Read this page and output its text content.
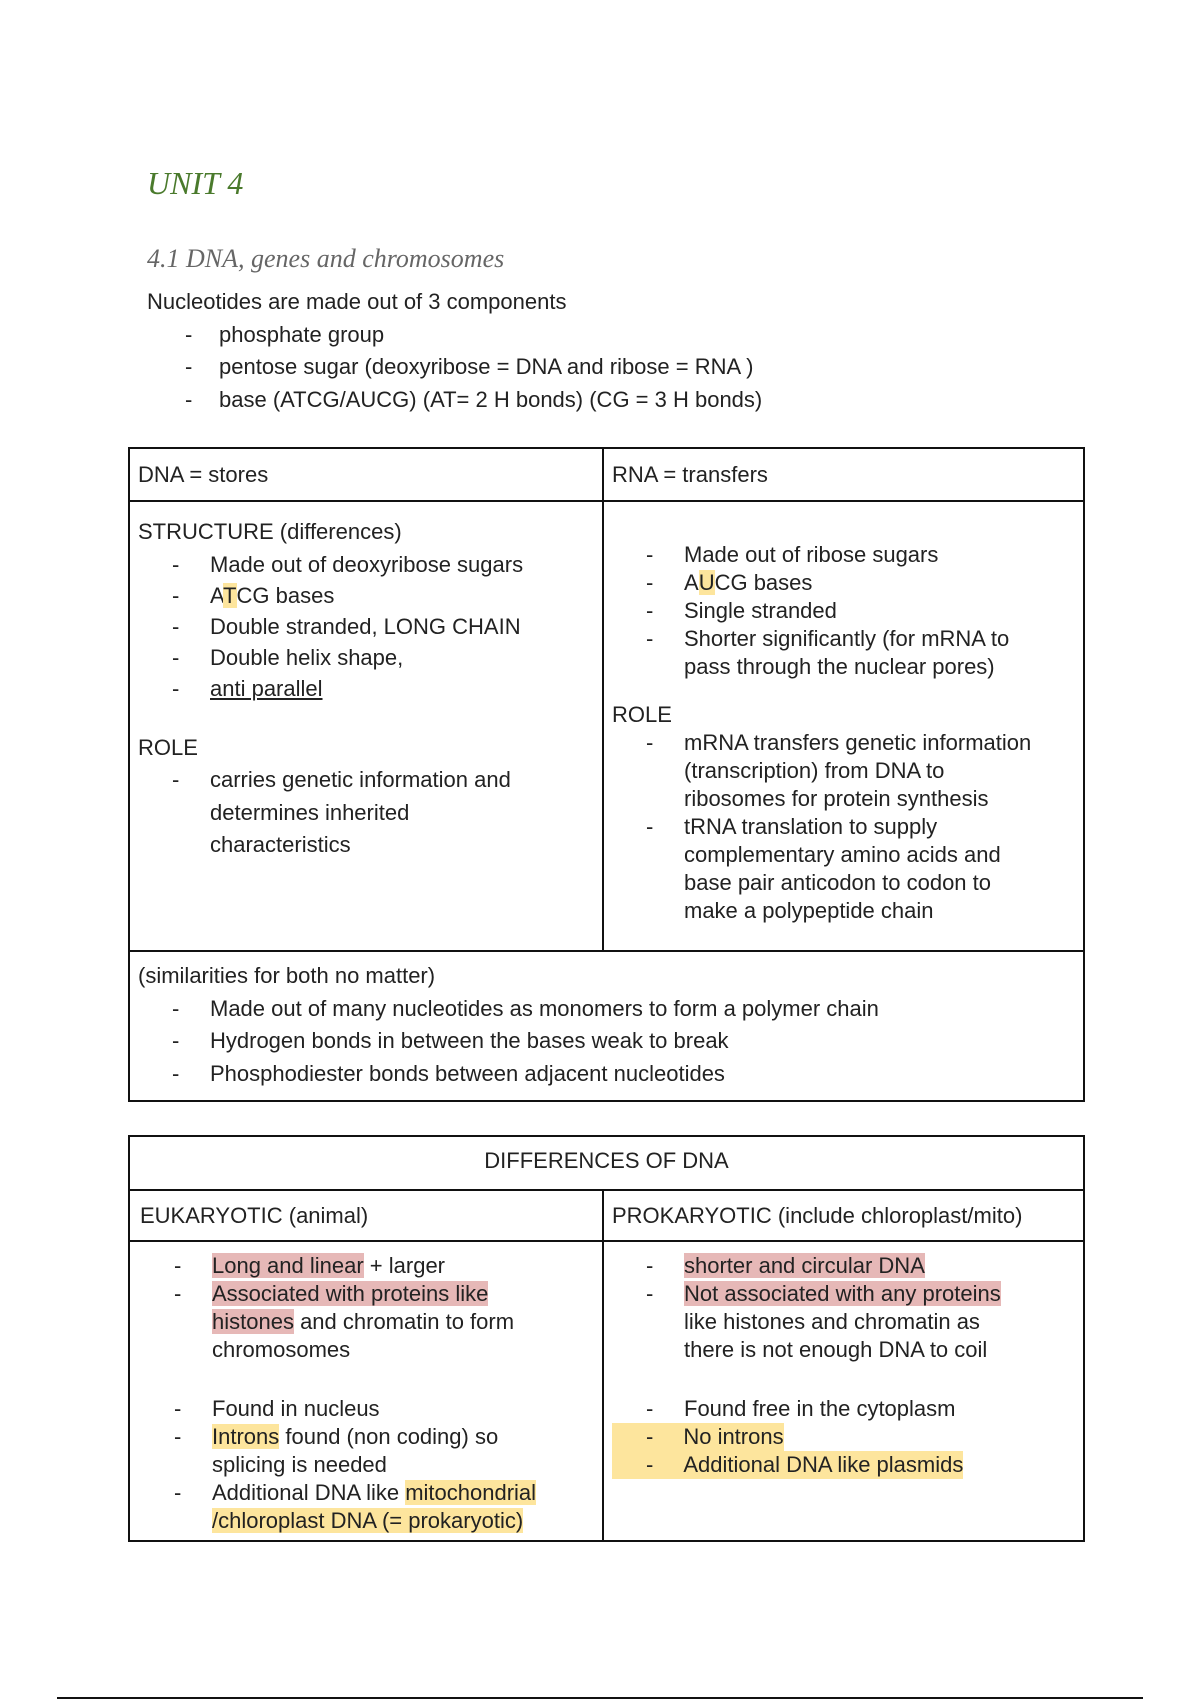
UNIT 4
4.1 DNA, genes and chromosomes
Nucleotides are made out of 3 components
- phosphate group
- pentose sugar (deoxyribose = DNA and ribose = RNA )
- base (ATCG/AUCG) (AT= 2 H bonds) (CG = 3 H bonds)
DNA = stores	RNA = transfers
STRUCTURE (differences)
- Made out of deoxyribose sugars
- ATCG bases
- Double stranded, LONG CHAIN
- Double helix shape,
- anti parallel
ROLE
- carries genetic information and
determines inherited
characteristics
- Made out of ribose sugars
- AUCG bases
- Single stranded
- Shorter significantly (for mRNA to
pass through the nuclear pores)
ROLE
- mRNA transfers genetic information
(transcription) from DNA to
ribosomes for protein synthesis
- tRNA translation to supply
complementary amino acids and
base pair anticodon to codon to
make a polypeptide chain
(similarities for both no matter)
- Made out of many nucleotides as monomers to form a polymer chain
- Hydrogen bonds in between the bases weak to break
- Phosphodiester bonds between adjacent nucleotides
DIFFERENCES OF DNA
EUKARYOTIC (animal)	PROKARYOTIC (include chloroplast/mito)
- Long and linear + larger
- Associated with proteins like
histones and chromatin to form
chromosomes
- Found in nucleus
- Introns found (non coding) so
splicing is needed
- Additional DNA like mitochondrial
/chloroplast DNA (= prokaryotic)
- shorter and circular DNA
- Not associated with any proteins
like histones and chromatin as
there is not enough DNA to coil
- Found free in the cytoplasm
- No introns
- Additional DNA like plasmids
